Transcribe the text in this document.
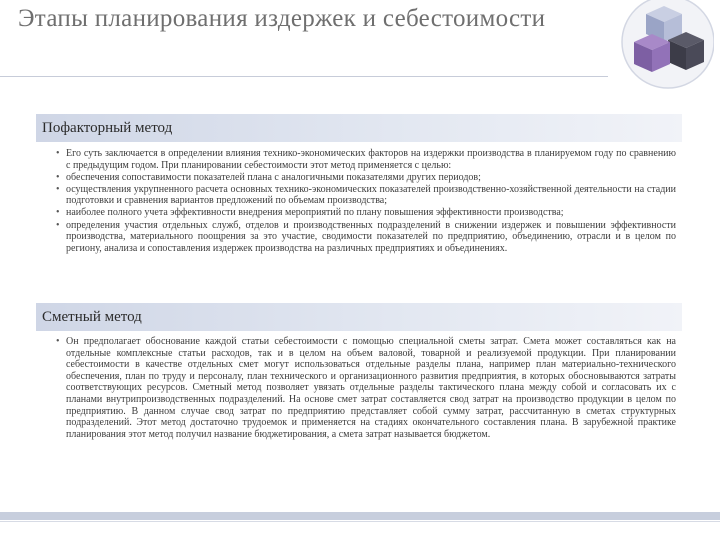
Этапы планирования издержек и себестоимости
Пофакторный метод
• Его суть заключается в определении влияния технико-экономических факторов на издержки производства в планируемом году по сравнению с предыдущим годом. При планировании себестоимости этот метод применяется с целью:
• обеспечения сопоставимости показателей плана с аналогичными показателями других периодов;
• осуществления укрупненного расчета основных технико-экономических показателей производственно-хозяйственной деятельности на стадии подготовки и сравнения вариантов предложений по объемам производства;
• наиболее полного учета эффективности внедрения мероприятий по плану повышения эффективности производства;
• определения участия отдельных служб, отделов и производственных подразделений в снижении издержек и повышении эффективности производства, материального поощрения за это участие, сводимости показателей по предприятию, объединению, отрасли и в целом по региону, анализа и сопоставления издержек производства на различных предприятиях и объединениях.
Сметный метод
• Он предполагает обоснование каждой статьи себестоимости с помощью специальной сметы затрат. Смета может составляться как на отдельные комплексные статьи расходов, так и в целом на объем валовой, товарной и реализуемой продукции. При планировании себестоимости в качестве отдельных смет могут использоваться отдельные разделы плана, например план материально-технического обеспечения, план по труду и персоналу, план технического и организационного развития предприятия, в которых обосновываются затраты соответствующих ресурсов. Сметный метод позволяет увязать отдельные разделы тактического плана между собой и согласовать их с планами внутрипроизводственных подразделений. На основе смет затрат составляется свод затрат на производство продукции в целом по предприятию. В данном случае свод затрат по предприятию представляет собой сумму затрат, рассчитанную в сметах структурных подразделений. Этот метод достаточно трудоемок и применяется на стадиях окончательного составления плана. В зарубежной практике планирования этот метод получил название бюджетирования, а смета затрат называется бюджетом.
